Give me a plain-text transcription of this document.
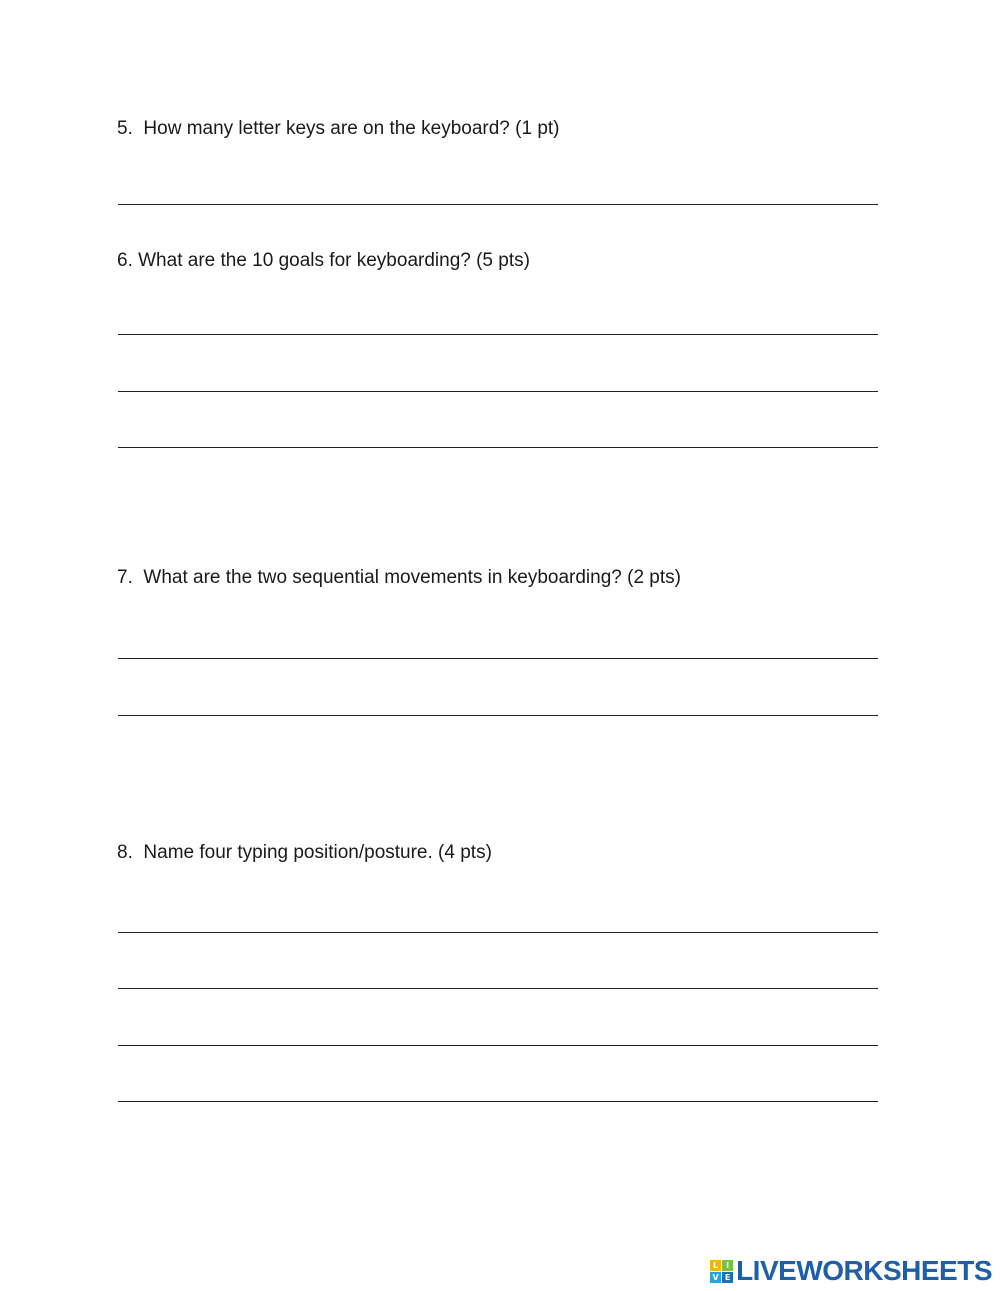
5.  How many letter keys are on the keyboard? (1 pt)
6. What are the 10 goals for keyboarding? (5 pts)
7.  What are the two sequential movements in keyboarding? (2 pts)
8.  Name four typing position/posture. (4 pts)
L I
V E LIVEWORKSHEETS
